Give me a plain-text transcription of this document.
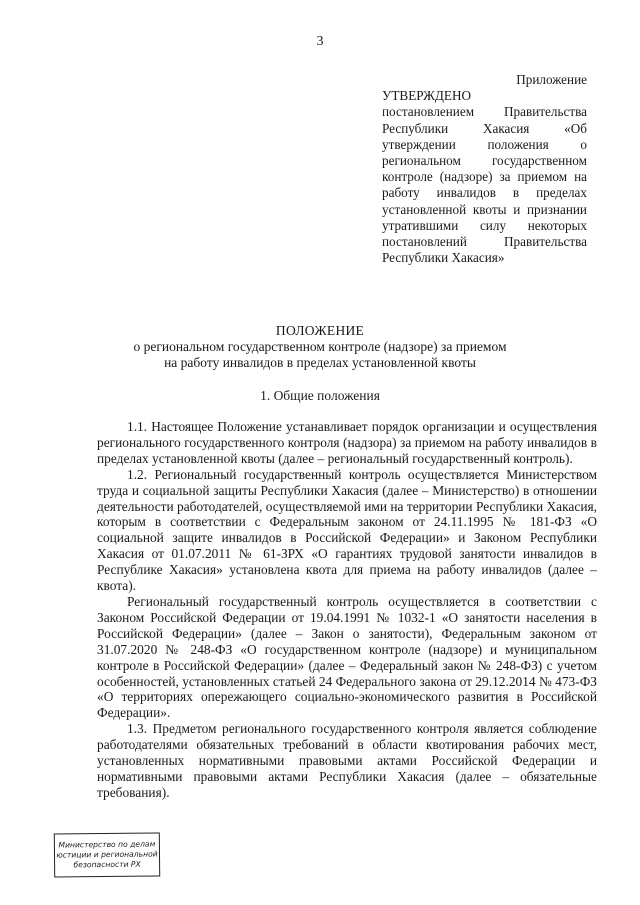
3
Приложение
УТВЕРЖДЕНО
постановлением Правительства Республики Хакасия «Об утверждении положения о региональном государственном контроле (надзоре) за приемом на работу инвалидов в пределах установленной квоты и признании утратившими силу некоторых постановлений Правительства Республики Хакасия»
ПОЛОЖЕНИЕ
о региональном государственном контроле (надзоре) за приемом
на работу инвалидов в пределах установленной квоты
1. Общие положения

1.1. Настоящее Положение устанавливает порядок организации и осуществления регионального государственного контроля (надзора) за приемом на работу инвалидов в пределах установленной квоты (далее – региональный государственный контроль).

1.2. Региональный государственный контроль осуществляется Министерством труда и социальной защиты Республики Хакасия (далее – Министерство) в отношении деятельности работодателей, осуществляемой ими на территории Республики Хакасия, которым в соответствии с Федеральным законом от 24.11.1995 № 181-ФЗ «О социальной защите инвалидов в Российской Федерации» и Законом Республики Хакасия от 01.07.2011 № 61-ЗРХ «О гарантиях трудовой занятости инвалидов в Республике Хакасия» установлена квота для приема на работу инвалидов (далее – квота).

Региональный государственный контроль осуществляется в соответствии с Законом Российской Федерации от 19.04.1991 № 1032-1 «О занятости населения в Российской Федерации» (далее – Закон о занятости), Федеральным законом от 31.07.2020 № 248-ФЗ «О государственном контроле (надзоре) и муниципальном контроле в Российской Федерации» (далее – Федеральный закон № 248-ФЗ) с учетом особенностей, установленных статьей 24 Федерального закона от 29.12.2014 № 473-ФЗ «О территориях опережающего социально-экономического развития в Российской Федерации».

1.3. Предметом регионального государственного контроля является соблюдение работодателями обязательных требований в области квотирования рабочих мест, установленных нормативными правовыми актами Российской Федерации и нормативными правовыми актами Республики Хакасия (далее – обязательные требования).

Министерство по делам
юстиции и региональной
безопасности РХ
